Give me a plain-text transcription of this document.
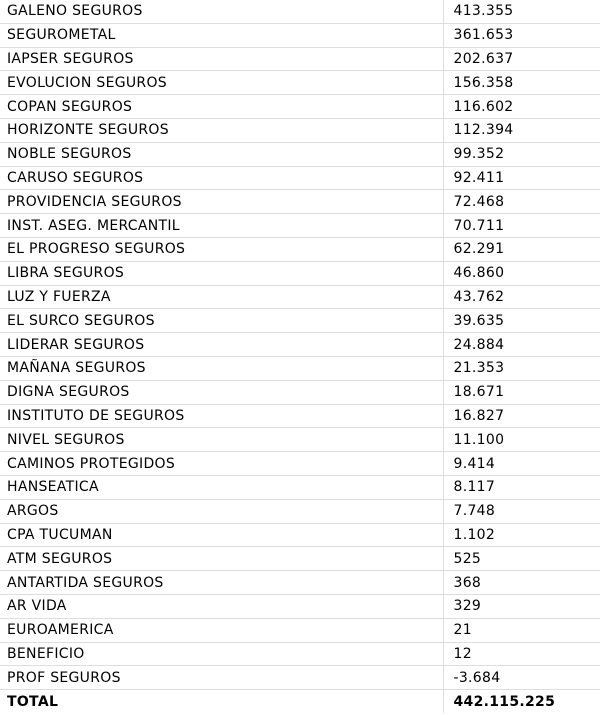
GALENO SEGUROS	413.355
SEGUROMETAL	361.653
IAPSER SEGUROS	202.637
EVOLUCION SEGUROS	156.358
COPAN SEGUROS	116.602
HORIZONTE SEGUROS	112.394
NOBLE SEGUROS	99.352
CARUSO SEGUROS	92.411
PROVIDENCIA SEGUROS	72.468
INST. ASEG. MERCANTIL	70.711
EL PROGRESO SEGUROS	62.291
LIBRA SEGUROS	46.860
LUZ Y FUERZA	43.762
EL SURCO SEGUROS	39.635
LIDERAR SEGUROS	24.884
MAÑANA SEGUROS	21.353
DIGNA SEGUROS	18.671
INSTITUTO DE SEGUROS	16.827
NIVEL SEGUROS	11.100
CAMINOS PROTEGIDOS	9.414
HANSEATICA	8.117
ARGOS	7.748
CPA TUCUMAN	1.102
ATM SEGUROS	525
ANTARTIDA SEGUROS	368
AR VIDA	329
EUROAMERICA	21
BENEFICIO	12
PROF SEGUROS	-3.684
TOTAL	442.115.225
